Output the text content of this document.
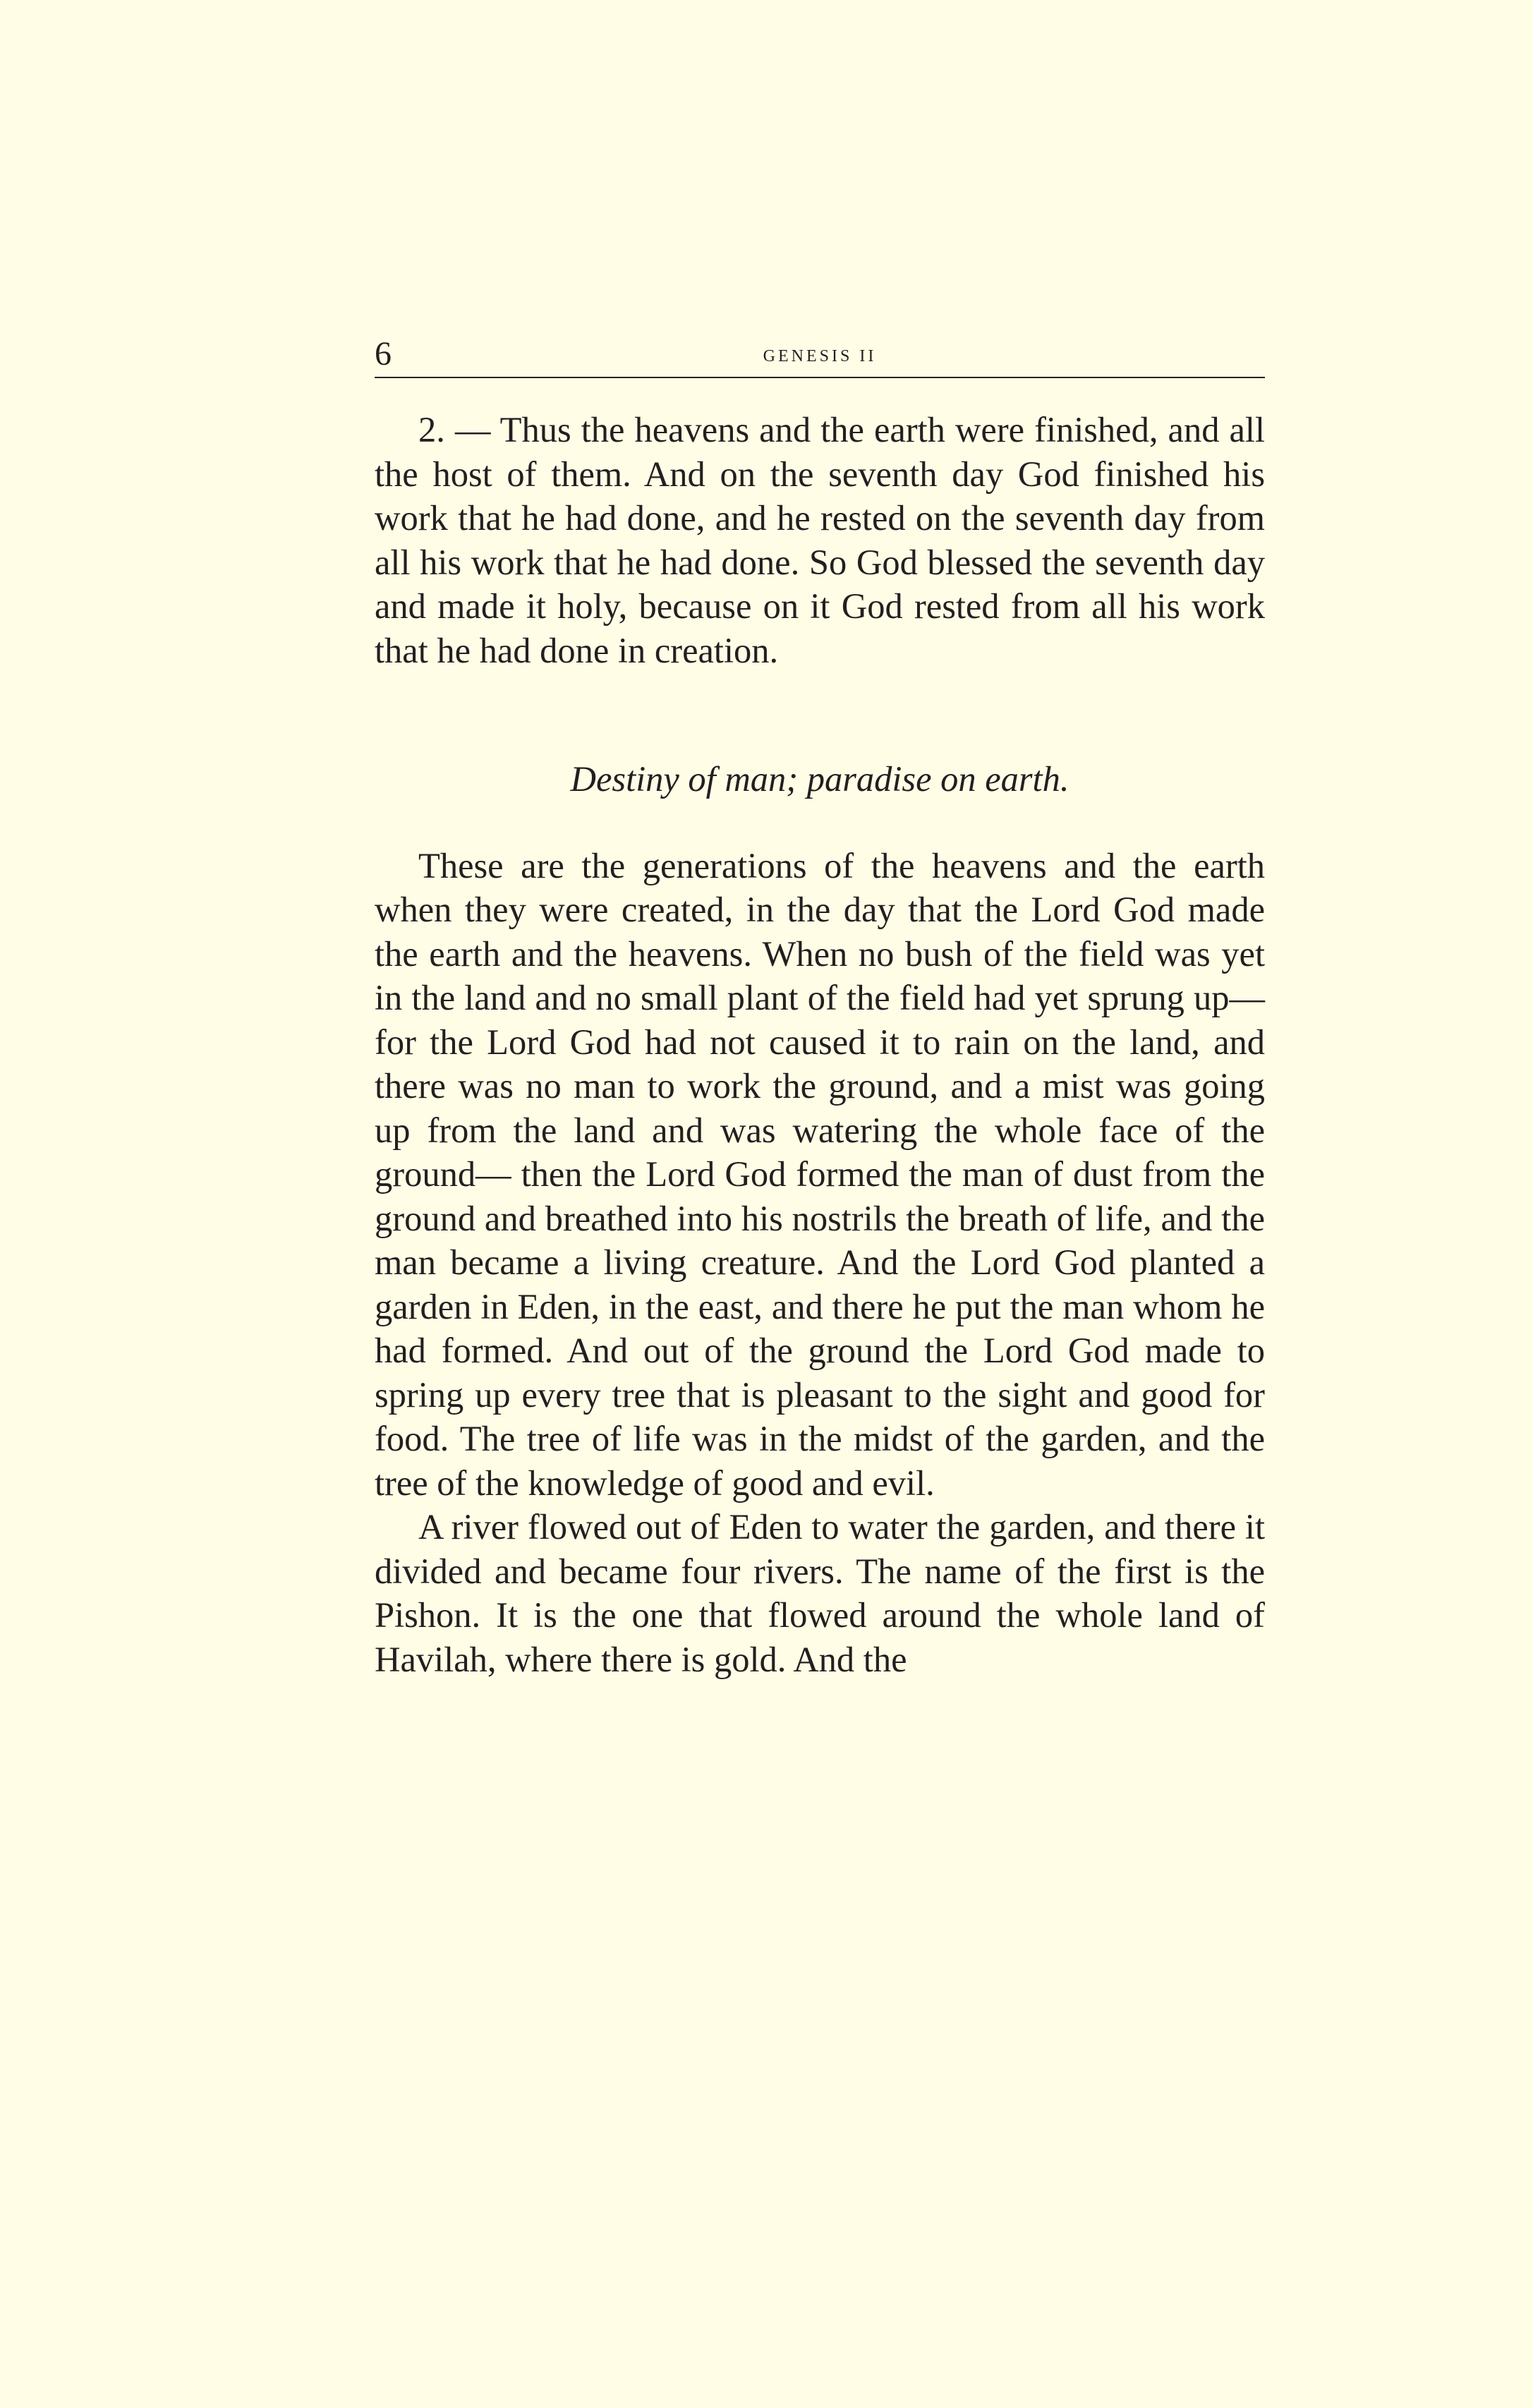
6	genesis ii

2. — Thus the heavens and the earth were finished, and all the host of them. And on the seventh day God finished his work that he had done, and he rested on the seventh day from all his work that he had done. So God blessed the seventh day and made it holy, because on it God rested from all his work that he had done in creation.

Destiny of man; paradise on earth.

These are the generations of the heavens and the earth when they were created, in the day that the Lord God made the earth and the heavens. When no bush of the field was yet in the land and no small plant of the field had yet sprung up—for the Lord God had not caused it to rain on the land, and there was no man to work the ground, and a mist was going up from the land and was watering the whole face of the ground— then the Lord God formed the man of dust from the ground and breathed into his nostrils the breath of life, and the man became a living creature. And the Lord God planted a garden in Eden, in the east, and there he put the man whom he had formed. And out of the ground the Lord God made to spring up every tree that is pleasant to the sight and good for food. The tree of life was in the midst of the garden, and the tree of the knowledge of good and evil.

A river flowed out of Eden to water the garden, and there it divided and became four rivers. The name of the first is the Pishon. It is the one that flowed around the whole land of Havilah, where there is gold. And the
